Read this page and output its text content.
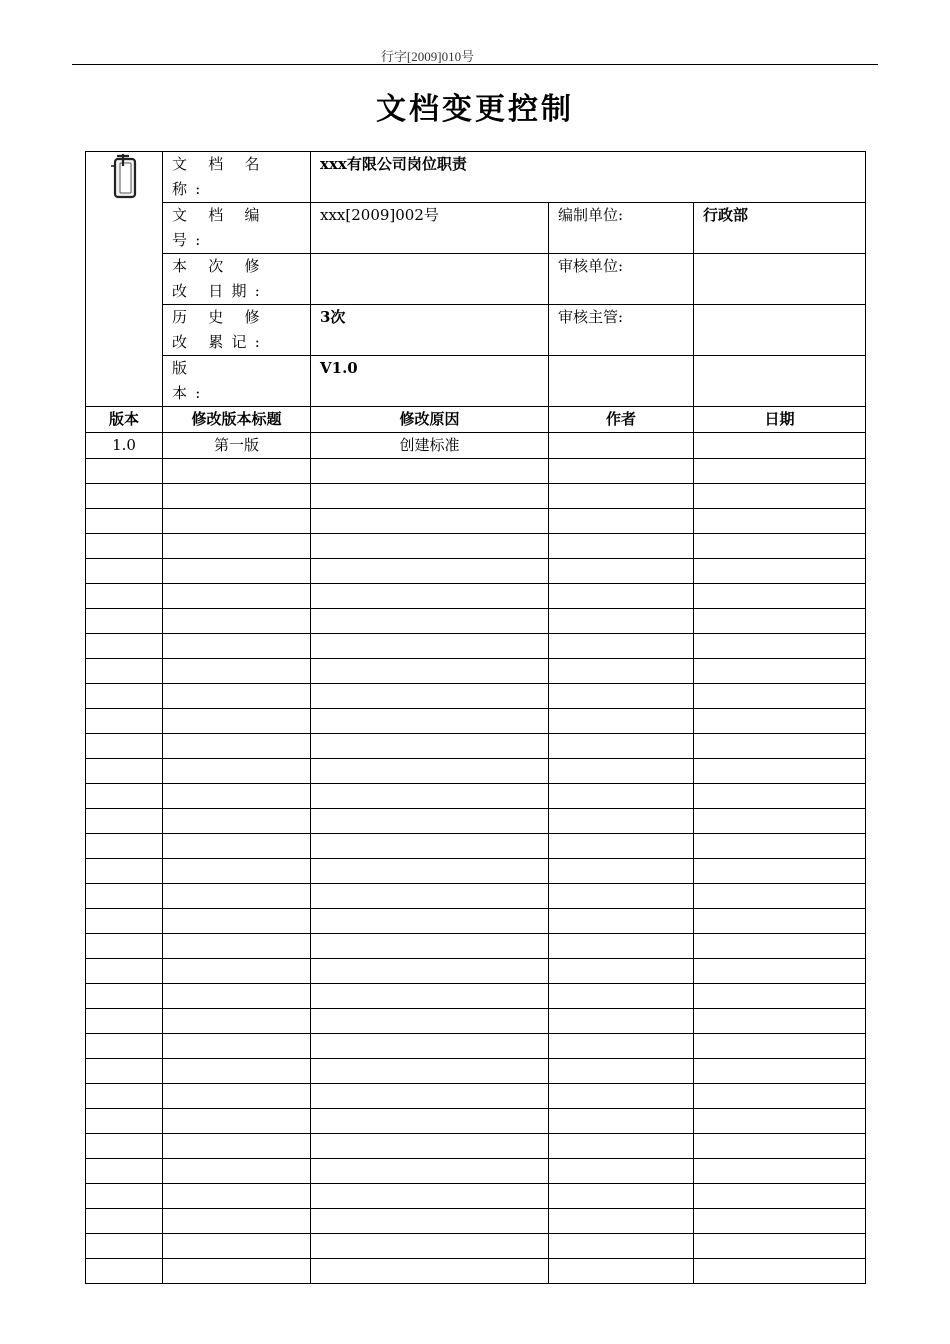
行字[2009]010号
文档变更控制
	文 档 名 称:	xxx有限公司岗位职责		
	文 档 编 号:	xxx[2009]002号	编制单位:	行政部
	本 次 修 改 日期:		审核单位:	
	历 史 修 改 累记:	3次	审核主管:	
	版 本:	V1.0		
版本	修改版本标题	修改原因	作者	日期
1.0	第一版	创建标准		
